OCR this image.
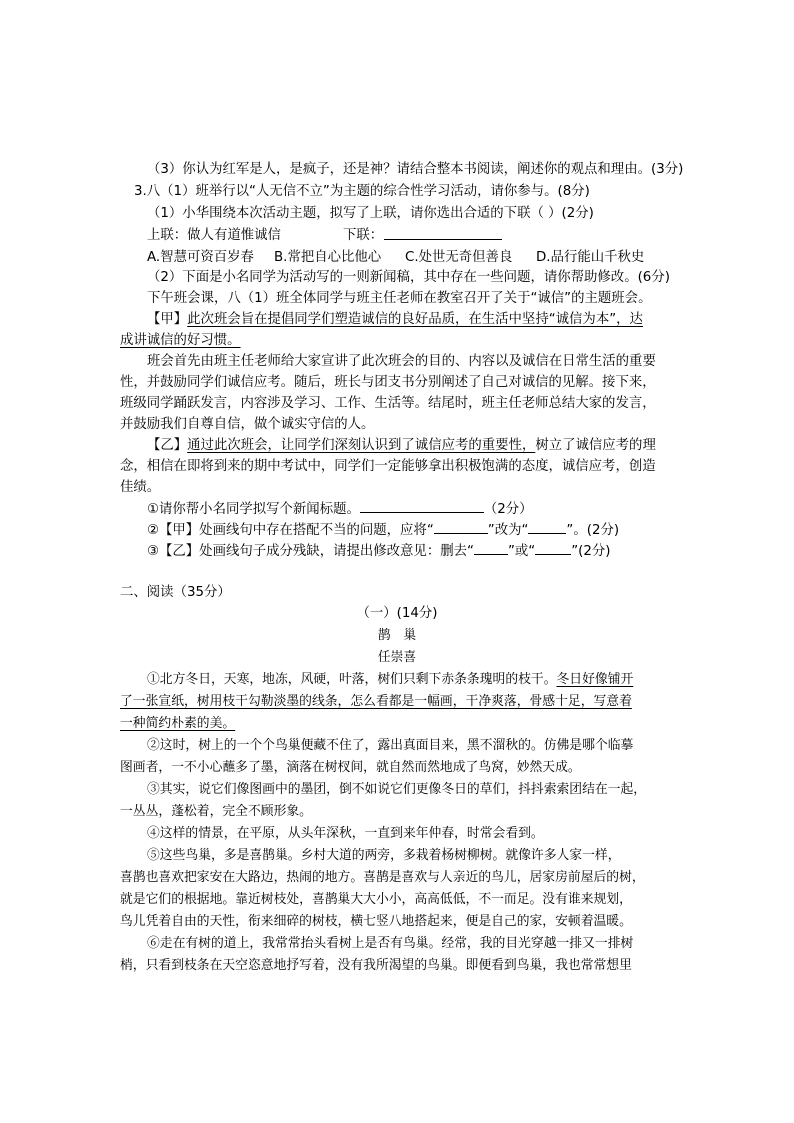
（3）你认为红军是人，是疯子，还是神？请结合整本书阅读，阐述你的观点和理由。(3分)
3.八（1）班举行以“人无信不立”为主题的综合性学习活动，请你参与。(8分)
（1）小华围绕本次活动主题，拟写了上联，请你选出合适的下联（ ）(2分)
上联：做人有道惟诚信	下联：
A.智慧可资百岁春 B.常把自心比他心 C.处世无奇但善良 D.品行能山千秋史
（2）下面是小名同学为活动写的一则新闻稿，其中存在一些问题，请你帮助修改。(6分)
下午班会课，八（1）班全体同学与班主任老师在教室召开了关于“诚信”的主题班会。
【甲】此次班会旨在提倡同学们塑造诚信的良好品质，在生活中坚持“诚信为本”，达
成讲诚信的好习惯。
班会首先由班主任老师给大家宣讲了此次班会的目的、内容以及诚信在日常生活的重要
性，并鼓励同学们诚信应考。随后，班长与团支书分别阐述了自己对诚信的见解。接下来，
班级同学踊跃发言，内容涉及学习、工作、生活等。结尾时，班主任老师总结大家的发言，
并鼓励我们自尊自信，做个诚实守信的人。
【乙】通过此次班会，让同学们深刻认识到了诚信应考的重要性，树立了诚信应考的理
念，相信在即将到来的期中考试中，同学们一定能够拿出积极饱满的态度，诚信应考，创造
佳绩。
①请你帮小名同学拟写个新闻标题。	（2分）
②【甲】处画线句中存在搭配不当的问题，应将“	”改为“	”。(2分)
③【乙】处画线句子成分残缺，请提出修改意见：删去“	”或“	”(2分)
二、阅读（35分）
（一）(14分)
鹊　巢
任崇喜
①北方冬日，天寒，地冻，风硬，叶落，树们只剩下赤条条瑰明的枝干。冬日好像铺开
了一张宣纸，树用枝干勾勒淡墨的线条，怎么看都是一幅画，干净爽落，骨感十足，写意着
一种简约朴素的美。
②这时，树上的一个个鸟巢便藏不住了，露出真面目来，黑不溜秋的。仿佛是哪个临摹
图画者，一不小心蘸多了墨，滴落在树杈间，就自然而然地成了鸟窝，妙然天成。
③其实，说它们像图画中的墨团，倒不如说它们更像冬日的草们，抖抖索索团结在一起，
一丛丛，蓬松着，完全不顾形象。
④这样的情景，在平原，从头年深秋，一直到来年仲春，时常会看到。
⑤这些鸟巢，多是喜鹊巢。乡村大道的两旁，多栽着杨树柳树。就像许多人家一样，
喜鹊也喜欢把家安在大路边，热闹的地方。喜鹊是喜欢与人亲近的鸟儿，居家房前屋后的树，
就是它们的根据地。靠近树枝处，喜鹊巢大大小小，高高低低，不一而足。没有谁来规划，
鸟儿凭着自由的天性，衔来细碎的树枝，横七竖八地搭起来，便是自己的家，安顿着温暖。
⑥走在有树的道上，我常常抬头看树上是否有鸟巢。经常，我的目光穿越一排又一排树
梢，只看到枝条在天空恣意地抒写着，没有我所渴望的鸟巢。即便看到鸟巢，我也常常想里
